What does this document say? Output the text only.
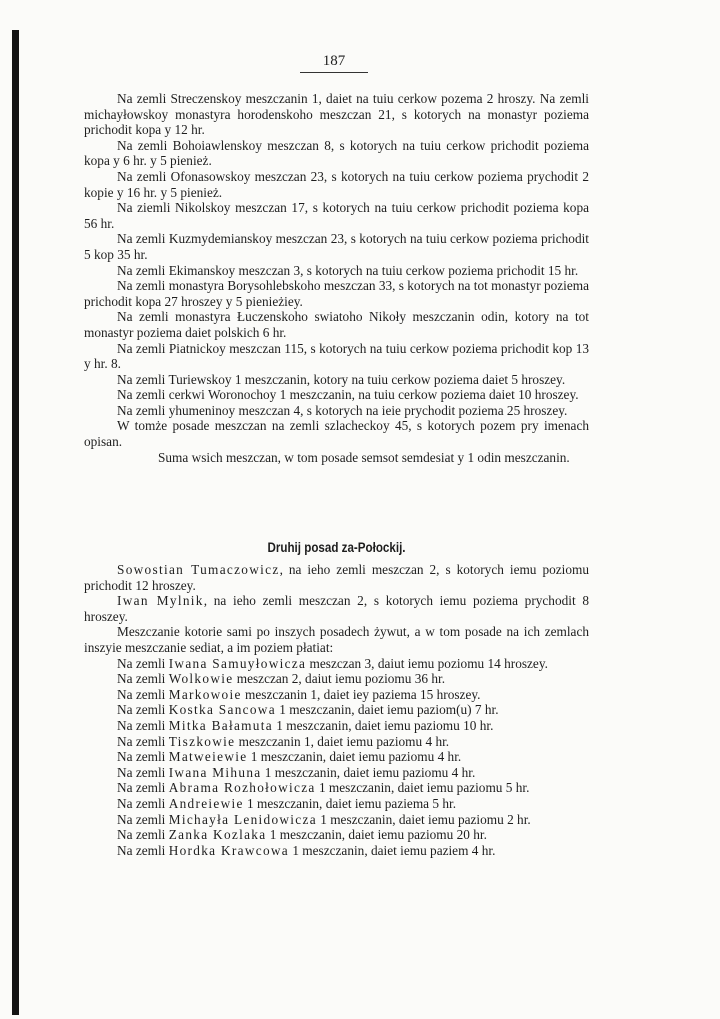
187

Na zemli Streczenskoy meszczanin 1, daiet na tuiu cerkow pozema 2 hroszy. Na zemli michayłowskoy monastyra horodenskoho meszczan 21, s kotorych na monastyr poziema prichodit kopa y 12 hr.

Na zemli Bohoiawlenskoy meszczan 8, s kotorych na tuiu cerkow prichodit poziema kopa y 6 hr. y 5 pienież.

Na zemli Ofonasowskoy meszczan 23, s kotorych na tuiu cerkow poziema prychodit 2 kopie y 16 hr. y 5 pienież.

Na ziemli Nikolskoy meszczan 17, s kotorych na tuiu cerkow prichodit poziema kopa 56 hr.

Na zemli Kuzmydemianskoy meszczan 23, s kotorych na tuiu cerkow poziema prichodit 5 kop 35 hr.

Na zemli Ekimanskoy meszczan 3, s kotorych na tuiu cerkow poziema prichodit 15 hr.

Na zemli monastyra Borysohlebskoho meszczan 33, s kotorych na tot monastyr poziema prichodit kopa 27 hroszey y 5 pienieżiey.

Na zemli monastyra Łuczenskoho swiatoho Nikoły meszczanin odin, kotory na tot monastyr poziema daiet polskich 6 hr.

Na zemli Piatnickoy meszczan 115, s kotorych na tuiu cerkow poziema prichodit kop 13 y hr. 8.

Na zemli Turiewskoy 1 meszczanin, kotory na tuiu cerkow poziema daiet 5 hroszey.

Na zemli cerkwi Woronochoy 1 meszczanin, na tuiu cerkow poziema daiet 10 hroszey.

Na zemli yhumeninoy meszczan 4, s kotorych na ieie prychodit poziema 25 hroszey.

W tomże posade meszczan na zemli szlacheckoy 45, s kotorych pozem pry imenach opisan.

Suma wsich meszczan, w tom posade semsot semdesiat y 1 odin meszczanin.

Druhij posad za-Połockij.

Sowostian Tumaczowicz, na ieho zemli meszczan 2, s kotorych iemu poziomu prichodit 12 hroszey.

Iwan Mylnik, na ieho zemli meszczan 2, s kotorych iemu poziema prychodit 8 hroszey.

Meszczanie kotorie sami po inszych posadech żywut, a w tom posade na ich zemlach inszyie meszczanie sediat, a im poziem płatiat:

Na zemli Iwana Samuyłowicza meszczan 3, daiut iemu poziomu 14 hroszey.

Na zemli Wolkowie meszczan 2, daiut iemu poziomu 36 hr.

Na zemli Markowoie meszczanin 1, daiet iey paziema 15 hroszey.

Na zemli Kostka Sancowa 1 meszczanin, daiet iemu paziom(u) 7 hr.

Na zemli Mitka Bałamuta 1 meszczanin, daiet iemu paziomu 10 hr.

Na zemli Tiszkowie meszczanin 1, daiet iemu paziomu 4 hr.

Na zemli Matweiewie 1 meszczanin, daiet iemu paziomu 4 hr.

Na zemli Iwana Mihuna 1 meszczanin, daiet iemu paziomu 4 hr.

Na zemli Abrama Rozhołowicza 1 meszczanin, daiet iemu paziomu 5 hr.

Na zemli Andreiewie 1 meszczanin, daiet iemu paziema 5 hr.

Na zemli Michayła Lenidowicza 1 meszczanin, daiet iemu paziomu 2 hr.

Na zemli Zanka Kozlaka 1 meszczanin, daiet iemu paziomu 20 hr.

Na zemli Hordka Krawcowa 1 meszczanin, daiet iemu paziem 4 hr.
